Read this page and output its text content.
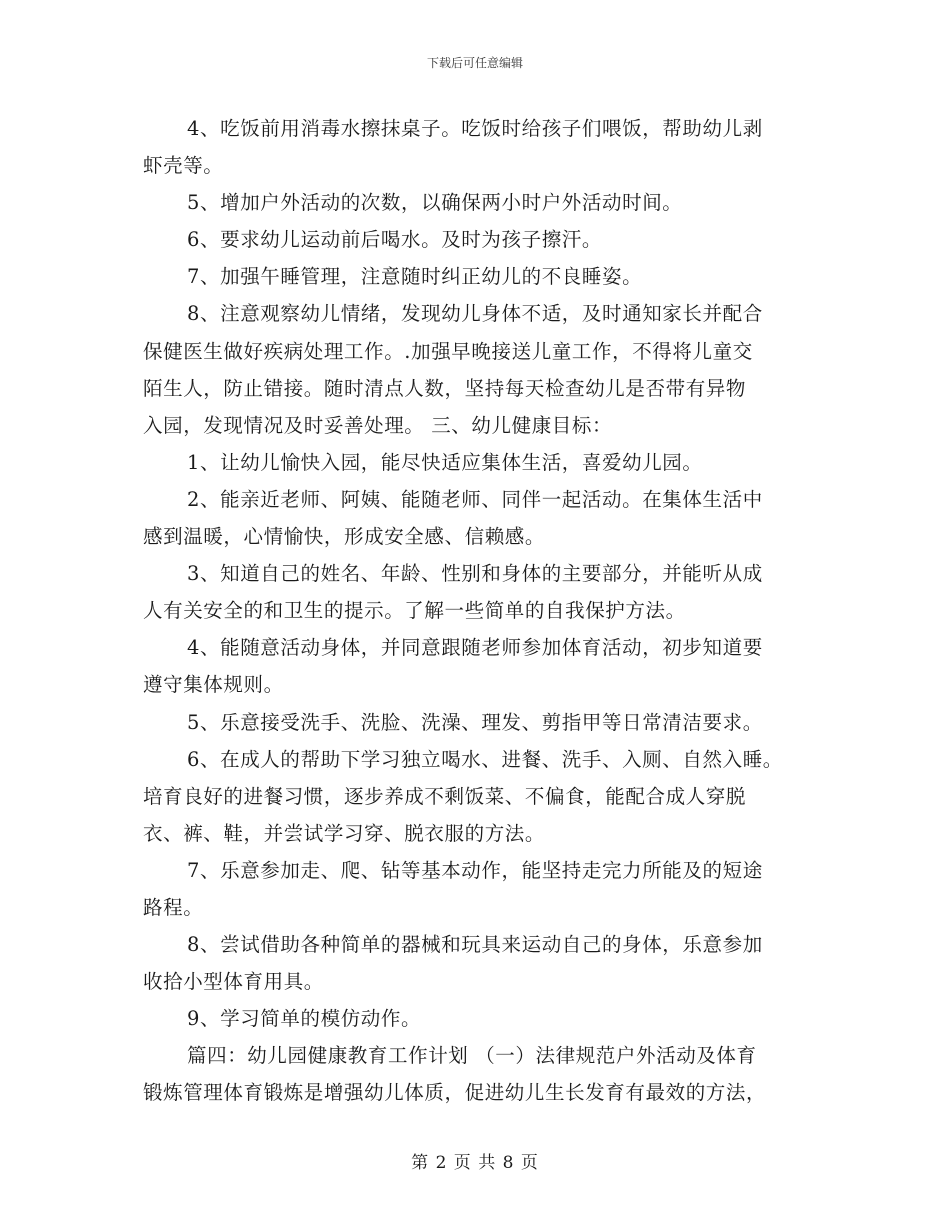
下载后可任意编辑
4、吃饭前用消毒水擦抹桌子。吃饭时给孩子们喂饭，帮助幼儿剥
虾壳等。
5、增加户外活动的次数，以确保两小时户外活动时间。
6、要求幼儿运动前后喝水。及时为孩子擦汗。
7、加强午睡管理，注意随时纠正幼儿的不良睡姿。
8、注意观察幼儿情绪，发现幼儿身体不适，及时通知家长并配合
保健医生做好疾病处理工作。.加强早晚接送儿童工作，不得将儿童交
陌生人，防止错接。随时清点人数，坚持每天检查幼儿是否带有异物
入园，发现情况及时妥善处理。 三、幼儿健康目标：
1、让幼儿愉快入园，能尽快适应集体生活，喜爱幼儿园。
2、能亲近老师、阿姨、能随老师、同伴一起活动。在集体生活中
感到温暖，心情愉快，形成安全感、信赖感。
3、知道自己的姓名、年龄、性别和身体的主要部分，并能听从成
人有关安全的和卫生的提示。了解一些简单的自我保护方法。
4、能随意活动身体，并同意跟随老师参加体育活动，初步知道要
遵守集体规则。
5、乐意接受洗手、洗脸、洗澡、理发、剪指甲等日常清洁要求。
6、在成人的帮助下学习独立喝水、进餐、洗手、入厕、自然入睡。
培育良好的进餐习惯，逐步养成不剩饭菜、不偏食，能配合成人穿脱
衣、裤、鞋，并尝试学习穿、脱衣服的方法。
7、乐意参加走、爬、钻等基本动作，能坚持走完力所能及的短途
路程。
8、尝试借助各种简单的器械和玩具来运动自己的身体，乐意参加
收拾小型体育用具。
9、学习简单的模仿动作。
篇四：幼儿园健康教育工作计划 （一）法律规范户外活动及体育
锻炼管理体育锻炼是增强幼儿体质，促进幼儿生长发育有最效的方法，
第 2 页 共 8 页
